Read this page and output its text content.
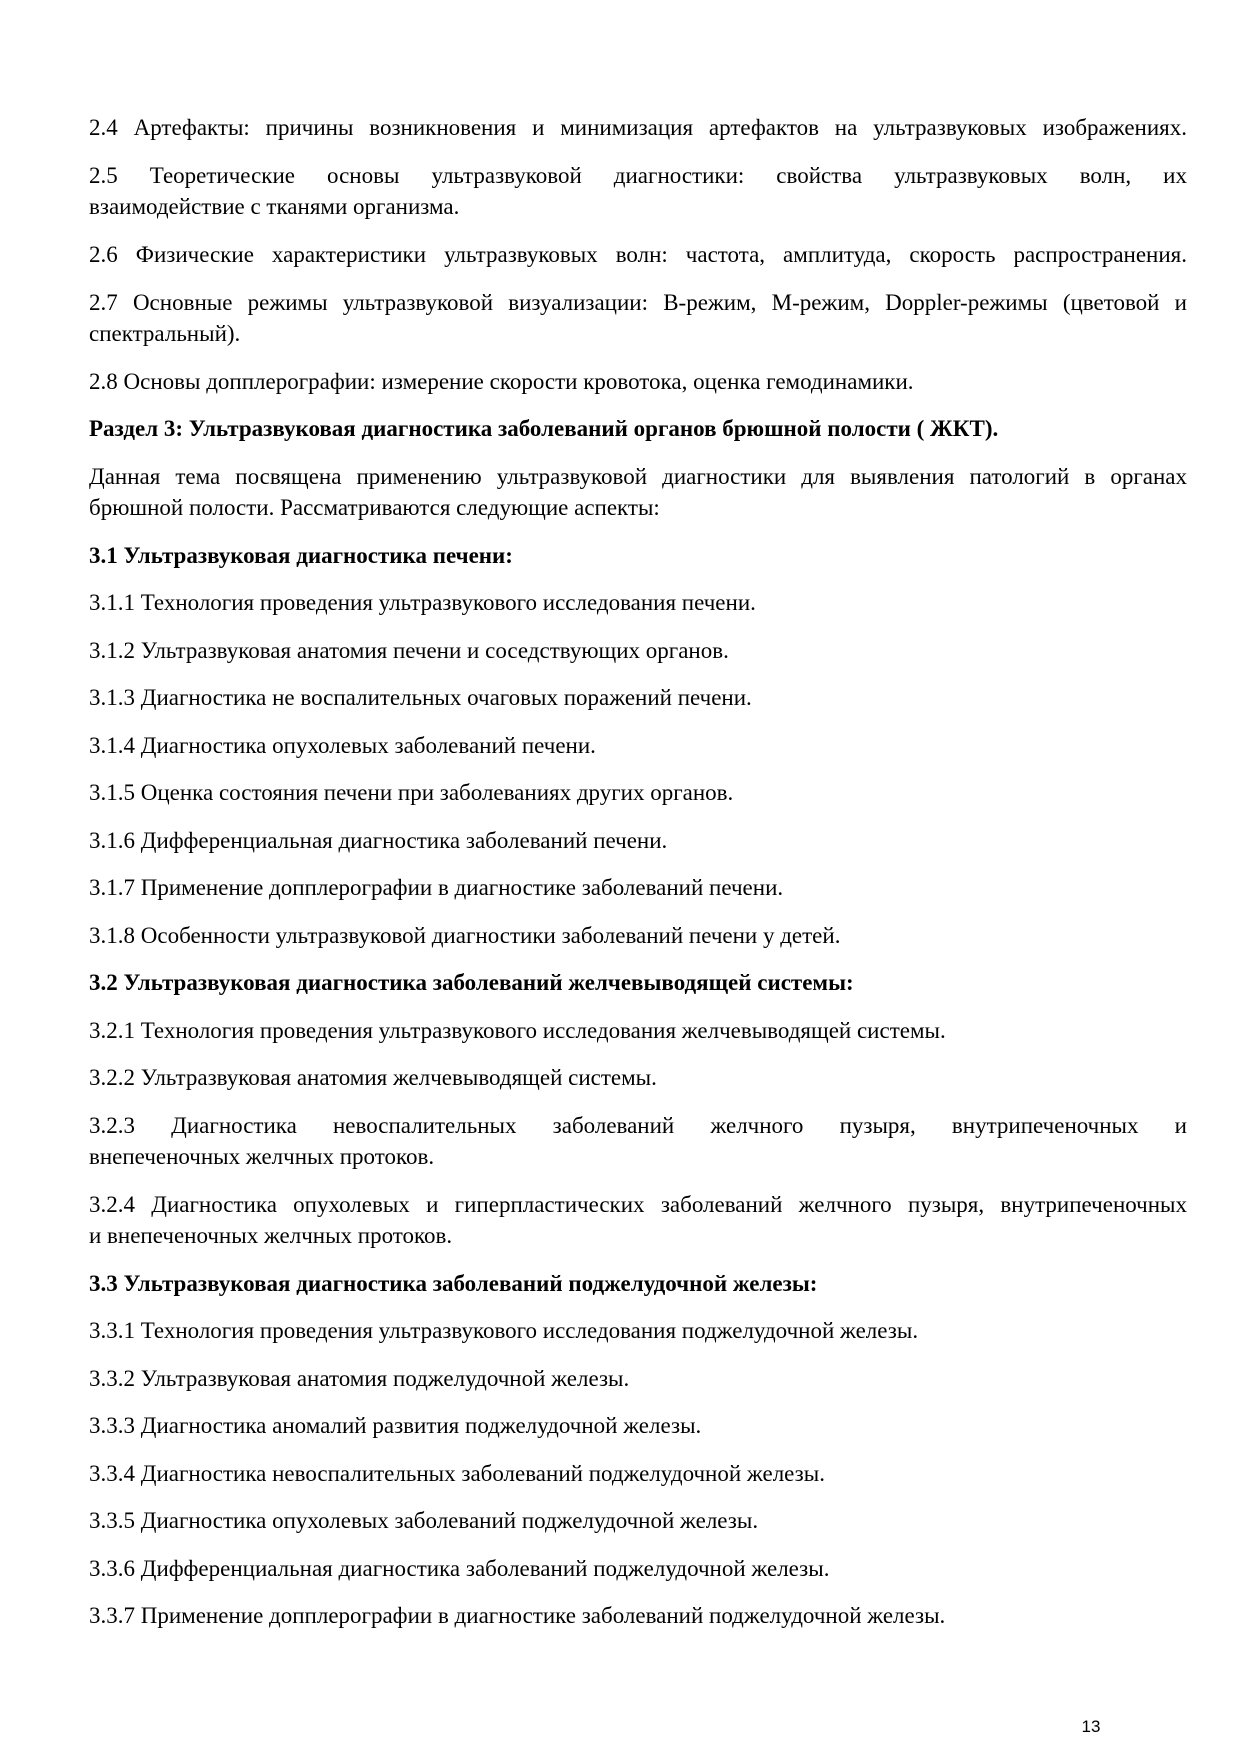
2.4 Артефакты: причины возникновения и минимизация артефактов на ультразвуковых изображениях.
2.5 Теоретические основы ультразвуковой диагностики: свойства ультразвуковых волн, их
взаимодействие с тканями организма.
2.6 Физические характеристики ультразвуковых волн: частота, амплитуда, скорость распространения.
2.7 Основные режимы ультразвуковой визуализации: B-режим, M-режим, Doppler-режимы (цветовой и
спектральный).
2.8 Основы допплерографии: измерение скорости кровотока, оценка гемодинамики.
Раздел 3: Ультразвуковая диагностика заболеваний органов брюшной полости ( ЖКТ).
Данная тема посвящена применению ультразвуковой диагностики для выявления патологий в органах
брюшной полости. Рассматриваются следующие аспекты:
3.1 Ультразвуковая диагностика печени:
3.1.1 Технология проведения ультразвукового исследования печени.
3.1.2 Ультразвуковая анатомия печени и соседствующих органов.
3.1.3 Диагностика не воспалительных очаговых поражений печени.
3.1.4 Диагностика опухолевых заболеваний печени.
3.1.5 Оценка состояния печени при заболеваниях других органов.
3.1.6 Дифференциальная диагностика заболеваний печени.
3.1.7 Применение допплерографии в диагностике заболеваний печени.
3.1.8 Особенности ультразвуковой диагностики заболеваний печени у детей.
3.2 Ультразвуковая диагностика заболеваний желчевыводящей системы:
3.2.1 Технология проведения ультразвукового исследования желчевыводящей системы.
3.2.2 Ультразвуковая анатомия желчевыводящей системы.
3.2.3 Диагностика невоспалительных заболеваний желчного пузыря, внутрипеченочных и
внепеченочных желчных протоков.
3.2.4 Диагностика опухолевых и гиперпластических заболеваний желчного пузыря, внутрипеченочных
и внепеченочных желчных протоков.
3.3 Ультразвуковая диагностика заболеваний поджелудочной железы:
3.3.1 Технология проведения ультразвукового исследования поджелудочной железы.
3.3.2 Ультразвуковая анатомия поджелудочной железы.
3.3.3 Диагностика аномалий развития поджелудочной железы.
3.3.4 Диагностика невоспалительных заболеваний поджелудочной железы.
3.3.5 Диагностика опухолевых заболеваний поджелудочной железы.
3.3.6 Дифференциальная диагностика заболеваний поджелудочной железы.
3.3.7 Применение допплерографии в диагностике заболеваний поджелудочной железы.
13
